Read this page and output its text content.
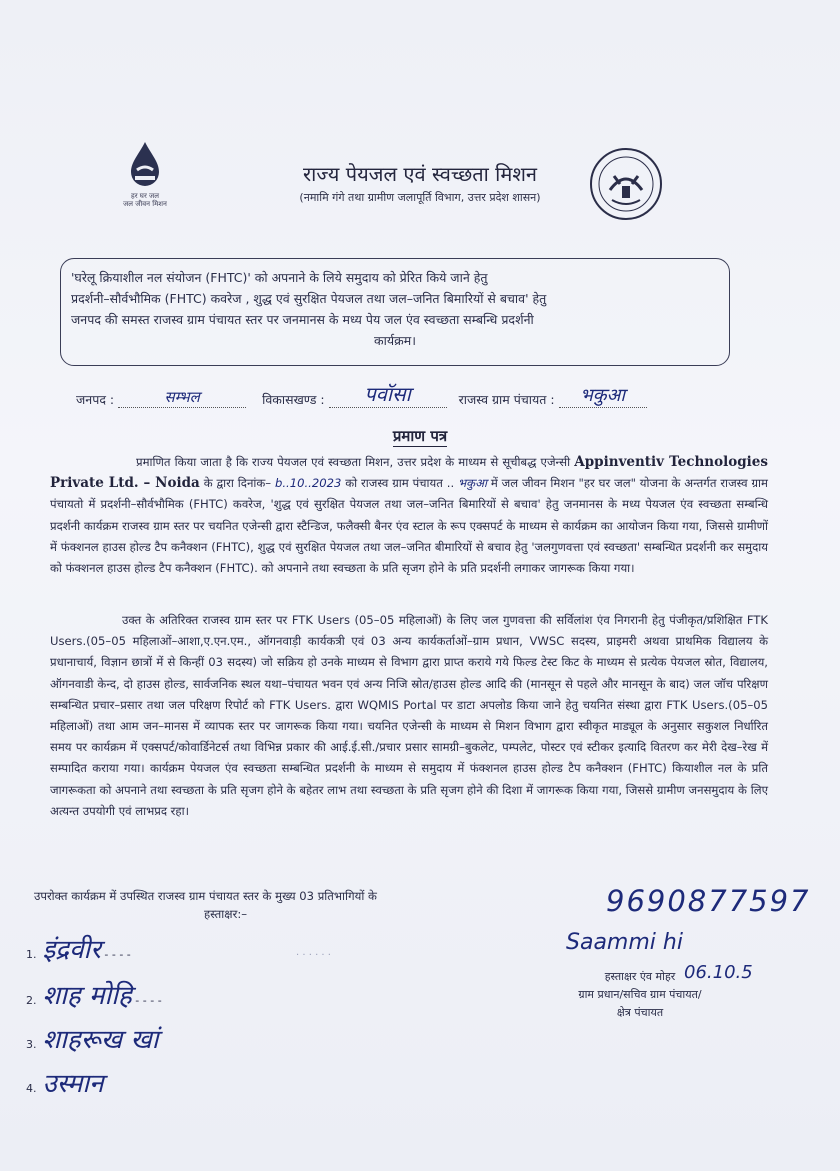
हर घर जल
जल जीवन मिशन
राज्य पेयजल एवं स्वच्छता मिशन
(नमामि गंगे तथा ग्रामीण जलापूर्ति विभाग, उत्तर प्रदेश शासन)
'घरेलू क्रियाशील नल संयोजन (FHTC)' को अपनाने के लिये समुदाय को प्रेरित किये जाने हेतु
प्रदर्शनी–सौर्वभौमिक (FHTC) कवरेज , शुद्ध एवं सुरक्षित पेयजल तथा जल–जनित बिमारियों से बचाव' हेतु
जनपद की समस्त राजस्व ग्राम पंचायत स्तर पर जनमानस के मध्य पेय जल एंव स्वच्छता सम्बन्धि प्रदर्शनी
कार्यक्रम।
जनपद :	सम्भल	विकासखण्ड : पवॉसा	राजस्व ग्राम पंचायत : भकुआ
प्रमाण पत्र
प्रमाणित किया जाता है कि राज्य पेयजल एवं स्वच्छता मिशन, उत्तर प्रदेश के माध्यम से सूचीबद्ध एजेन्सी Appinventiv Technologies Private Ltd. – Noida के द्वारा दिनांक– b..10..2023 को राजस्व ग्राम पंचायत .. भकुआ में जल जीवन मिशन "हर घर जल" योजना के अन्तर्गत राजस्व ग्राम पंचायतो में प्रदर्शनी–सौर्वभौमिक (FHTC) कवरेज, 'शुद्ध एवं सुरक्षित पेयजल तथा जल–जनित बिमारियों से बचाव' हेतु जनमानस के मध्य पेयजल एंव स्वच्छता सम्बन्धि प्रदर्शनी कार्यक्रम राजस्व ग्राम स्तर पर चयनित एजेन्सी द्वारा स्टैन्डिज, फलैक्सी बैनर एंव स्टाल के रूप एक्सपर्ट के माध्यम से कार्यक्रम का आयोजन किया गया, जिससे ग्रामीणों में फंक्शनल हाउस होल्ड टैप कनैक्शन (FHTC), शुद्ध एवं सुरक्षित पेयजल तथा जल–जनित बीमारियों से बचाव हेतु 'जलगुणवत्ता एवं स्वच्छता' सम्बन्धित प्रदर्शनी कर समुदाय को फंक्शनल हाउस होल्ड टैप कनैक्शन (FHTC). को अपनाने तथा स्वच्छता के प्रति सृजग होने के प्रति प्रदर्शनी लगाकर जागरूक किया गया।
उक्त के अतिरिक्त राजस्व ग्राम स्तर पर FTK Users (05–05 महिलाओं) के लिए जल गुणवत्ता की सर्विलांश एंव निगरानी हेतु पंजीकृत/प्रशिक्षित FTK Users.(05–05 महिलाओं–आशा,ए.एन.एम., ऑगनवाड़ी कार्यकत्री एवं 03 अन्य कार्यकर्ताओं–ग्राम प्रधान, VWSC सदस्य, प्राइमरी अथवा प्राथमिक विद्यालय के प्रधानाचार्य, विज्ञान छात्रों में से किन्हीं 03 सदस्य) जो सक्रिय हो उनके माध्यम से विभाग द्वारा प्राप्त कराये गये फिल्ड टेस्ट किट के माध्यम से प्रत्येक पेयजल स्रोत, विद्यालय, ऑगनवाडी केन्द, दो हाउस होल्ड, सार्वजनिक स्थल यथा–पंचायत भवन एवं अन्य निजि स्रोत/हाउस होल्ड आदि की (मानसून से पहले और मानसून के बाद) जल जॉच परिक्षण सम्बन्धित प्रचार–प्रसार तथा जल परिक्षण रिपोर्ट को FTK Users. द्वारा WQMIS Portal पर डाटा अपलोड किया जाने हेतु चयनित संस्था द्वारा FTK Users.(05–05 महिलाओं) तथा आम जन–मानस में व्यापक स्तर पर जागरूक किया गया। चयनित एजेन्सी के माध्यम से मिशन विभाग द्वारा स्वीकृत माड्यूल के अनुसार सकुशल निर्धारित समय पर कार्यक्रम में एक्सपर्ट/कोवार्डिनेटर्स तथा विभिन्न प्रकार की आई.ई.सी./प्रचार प्रसार सामग्री–बुकलेट, पम्पलेट, पोस्टर एवं स्टीकर इत्यादि वितरण कर मेरी देख–रेख में सम्पादित कराया गया। कार्यक्रम पेयजल एंव स्वच्छता सम्बन्धित प्रदर्शनी के माध्यम से समुदाय में फंक्शनल हाउस होल्ड टैप कनैक्शन (FHTC) कियाशील नल के प्रति जागरूकता को अपनाने तथा स्वच्छता के प्रति सृजग होने के बहेतर लाभ तथा स्वच्छता के प्रति सृजग होने की दिशा में जागरूक किया गया, जिससे ग्रामीण जनसमुदाय के लिए अत्यन्त उपयोगी एवं लाभप्रद रहा।
उपरोक्त कार्यक्रम में उपस्थित राजस्व ग्राम पंचायत स्तर के मुख्य 03 प्रतिभागियों के
हस्ताक्षर:–	9690877597
· · · · · ·
1. इंद्रवीर - - - -
2. शाह मोहि - - - -
3. शाहरूख खां
4. उस्मान
Saammi hi
06.10.5
हस्ताक्षर एंव मोहर
ग्राम प्रधान/सचिव ग्राम पंचायत/
क्षेत्र पंचायत
